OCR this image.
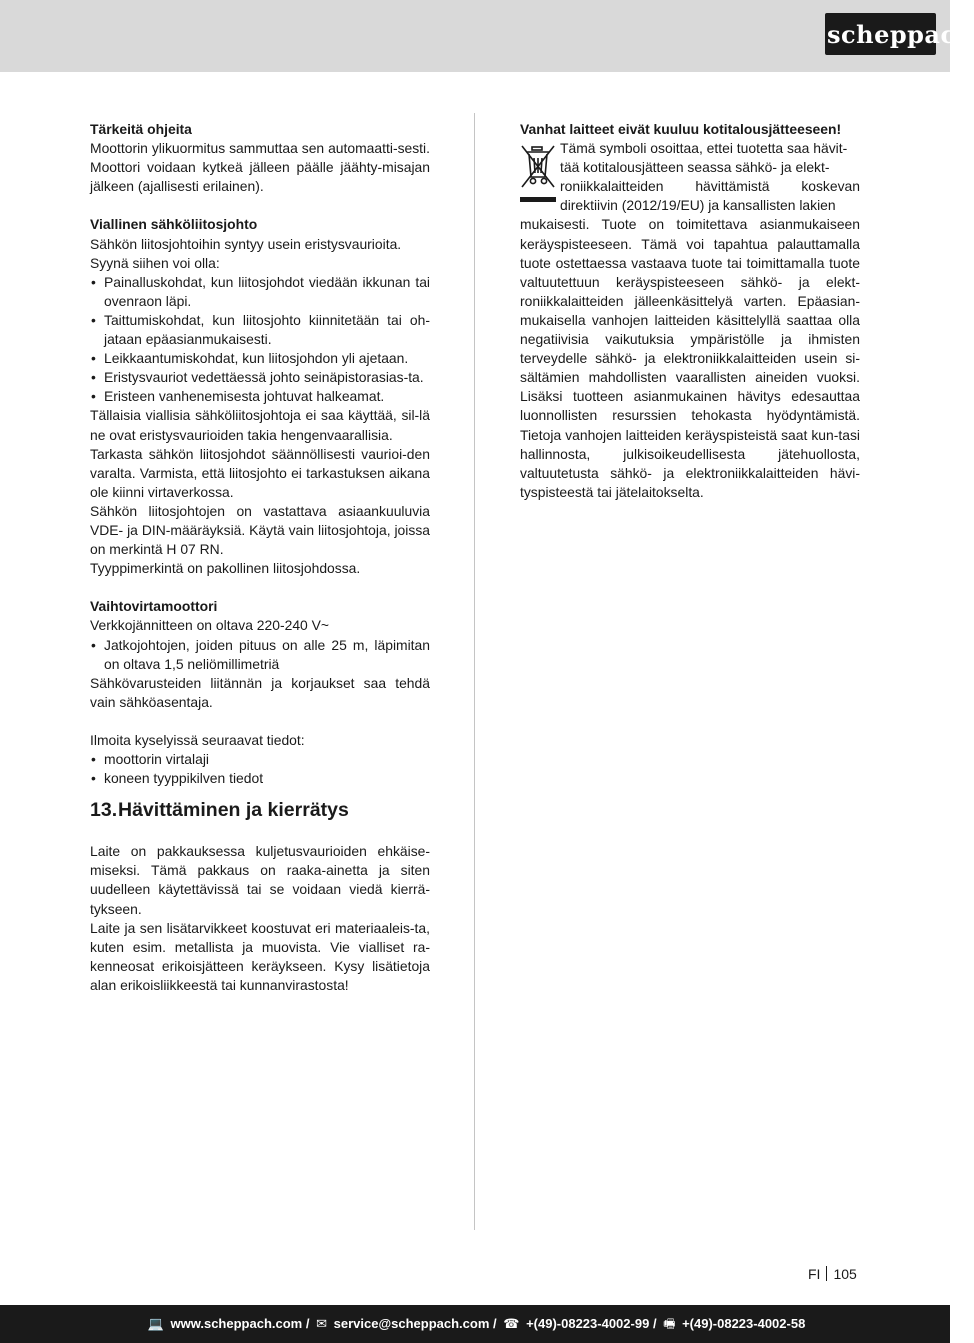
scheppach
Tärkeitä ohjeita

Moottorin ylikuormitus sammuttaa sen automaatti-sesti. Moottori voidaan kytkeä jälleen päälle jäähty-misajan jälkeen (ajallisesti erilainen).

Viallinen sähköliitosjohto

Sähkön liitosjohtoihin syntyy usein eristysvaurioita.

Syynä siihen voi olla:

• Painalluskohdat, kun liitosjohdot viedään ikkunan tai ovenraon läpi.
• Taittumiskohdat, kun liitosjohto kiinnitetään tai oh-jataan epäasianmukaisesti.
• Leikkaantumiskohdat, kun liitosjohdon yli ajetaan.
• Eristysvauriot vedettäessä johto seinäpistorasias-ta.
• Eristeen vanhenemisesta johtuvat halkeamat.

Tällaisia viallisia sähköliitosjohtoja ei saa käyttää, sil-lä ne ovat eristysvaurioiden takia hengenvaarallisia.

Tarkasta sähkön liitosjohdot säännöllisesti vaurioi-den varalta. Varmista, että liitosjohto ei tarkastuksen aikana ole kiinni virtaverkossa.

Sähkön liitosjohtojen on vastattava asiaankuuluvia VDE- ja DIN-määräyksiä. Käytä vain liitosjohtoja, joissa on merkintä H 07 RN.

Tyyppimerkintä on pakollinen liitosjohdossa.

Vaihtovirtamoottori

Verkkojännitteen on oltava 220-240 V~

• Jatkojohtojen, joiden pituus on alle 25 m, läpimitan on oltava 1,5 neliömillimetriä

Sähkövarusteiden liitännän ja korjaukset saa tehdä vain sähköasentaja.

Ilmoita kyselyissä seuraavat tiedot:

• moottorin virtalaji
• koneen tyyppikilven tiedot
13.Hävittäminen ja kierrätys

Laite on pakkauksessa kuljetusvaurioiden ehkäise-miseksi. Tämä pakkaus on raaka-ainetta ja siten uudelleen käytettävissä tai se voidaan viedä kierrä-tykseen.

Laite ja sen lisätarvikkeet koostuvat eri materiaaleis-ta, kuten esim. metallista ja muovista. Vie vialliset ra-kenneosat erikoisjätteen keräykseen. Kysy lisätietoja alan erikoisliikkeestä tai kunnanvirastosta!

Vanhat laitteet eivät kuuluu kotitalousjätteeseen!

Tämä symboli osoittaa, ettei tuotetta saa hävit-

tää kotitalousjätteen seassa sähkö- ja elekt-

roniikkalaitteiden hävittämistä koskevan

direktiivin (2012/19/EU) ja kansallisten lakien

mukaisesti. Tuote on toimitettava asianmukaiseen keräyspisteeseen. Tämä voi tapahtua palauttamalla tuote ostettaessa vastaava tuote tai toimittamalla tuote valtuutettuun keräyspisteeseen sähkö- ja elekt-roniikkalaitteiden jälleenkäsittelyä varten. Epäasian-mukaisella vanhojen laitteiden käsittelyllä saattaa olla negatiivisia vaikutuksia ympäristölle ja ihmisten terveydelle sähkö- ja elektroniikkalaitteiden usein si-sältämien mahdollisten vaarallisten aineiden vuoksi. Lisäksi tuotteen asianmukainen hävitys edesauttaa luonnollisten resurssien tehokasta hyödyntämistä. Tietoja vanhojen laitteiden keräyspisteistä saat kun-tasi hallinnosta, julkisoikeudellisesta jätehuollosta, valtuutetusta sähkö- ja elektroniikkalaitteiden hävi-tyspisteestä tai jätelaitokselta.

FI 105
💻 www.scheppach.com / ✉ service@scheppach.com / ☎ +(49)-08223-4002-99 / 🖷 +(49)-08223-4002-58
